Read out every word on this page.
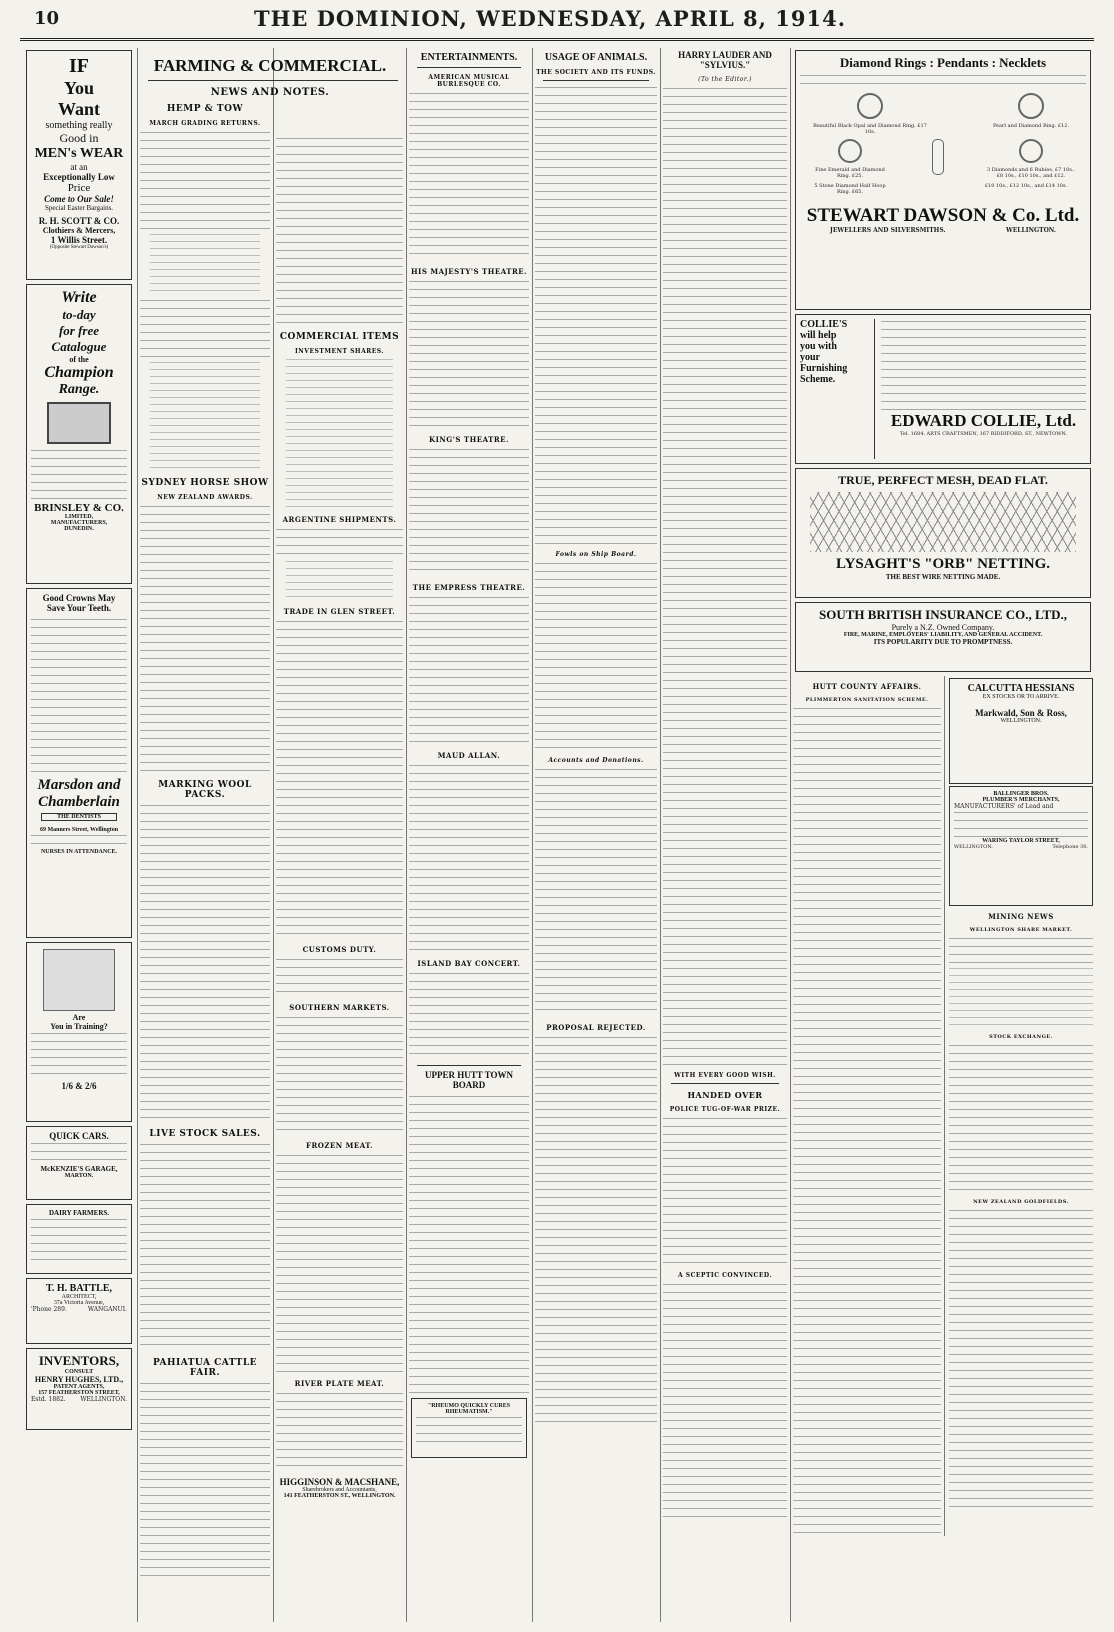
10	THE DOMINION, WEDNESDAY, APRIL 8, 1914.
IF
You
Want
something really
Good in
MEN's WEAR
at an
Exceptionally Low
Price
Come to Our Sale!
Special Easter Bargains.
R. H. SCOTT & CO.
Clothiers & Mercers,
1 Willis Street.
(Opposite Stewart Dawson's)
Write
to-day
for free
Catalogue
of the
Champion
Range.
BRINSLEY & CO.
LIMITED,
MANUFACTURERS,
DUNEDIN.
Good Crowns May
Save Your Teeth.
Marsdon and
Chamberlain
THE DENTISTS
69 Manners Street, Wellington
NURSES IN ATTENDANCE.
Are
You in Training?
1/6 & 2/6
QUICK CARS.
McKENZIE'S GARAGE,
MARTON.
DAIRY FARMERS.
T. H. BATTLE,
ARCHITECT,
37a Victoria Avenue,
'Phone 289.	WANGANUI.
INVENTORS,
CONSULT
HENRY HUGHES, LTD.,
PATENT AGENTS,
157 FEATHERSTON STREET,
Estd. 1882. WELLINGTON.
FARMING & COMMERCIAL.
NEWS AND NOTES.
HEMP & TOW
MARCH GRADING RETURNS.
SYDNEY HORSE SHOW
NEW ZEALAND AWARDS.
MARKING WOOL PACKS.
LIVE STOCK SALES.
PAHIATUA CATTLE FAIR.
COMMERCIAL ITEMS
INVESTMENT SHARES.
ARGENTINE SHIPMENTS.
TRADE IN GLEN STREET.
CUSTOMS DUTY.
SOUTHERN MARKETS.
FROZEN MEAT.
RIVER PLATE MEAT.
HIGGINSON & MACSHANE,
Sharebrokers and Accountants,
141 FEATHERSTON ST., WELLINGTON.
ENTERTAINMENTS.
AMERICAN MUSICAL BURLESQUE CO.
HIS MAJESTY'S THEATRE.
KING'S THEATRE.
THE EMPRESS THEATRE.
MAUD ALLAN.
ISLAND BAY CONCERT.
UPPER HUTT TOWN BOARD
"RHEUMO QUICKLY CURES RHEUMATISM."
USAGE OF ANIMALS.
THE SOCIETY AND ITS FUNDS.
Fowls on Ship Board.
Accounts and Donations.
PROPOSAL REJECTED.
HARRY LAUDER AND "SYLVIUS."
(To the Editor.)
WITH EVERY GOOD WISH.
HANDED OVER
POLICE TUG-OF-WAR PRIZE.
A SCEPTIC CONVINCED.
Diamond Rings : Pendants : Necklets
Beautiful Black Opal and Diamond Ring. £17 10s.
Pearl and Diamond Ring. £12.
Fine Emerald and Diamond Ring. £25.
3 Diamonds and 6 Rubies. £7 10s., £8 10s., £10 10s., and £12.
5 Stone Diamond Half Hoop Ring. £65.
£10 10s., £12 10s., and £14 10s.
STEWART DAWSON & Co. Ltd.
JEWELLERS AND SILVERSMITHS.	WELLINGTON.
COLLIE'S
will help
you with
your
Furnishing
Scheme.
EDWARD COLLIE, Ltd.
Tel. 1684. ARTS CRAFTSMEN, 167 RIDDIFORD, ST., NEWTOWN.
TRUE, PERFECT MESH, DEAD FLAT.
LYSAGHT'S "ORB" NETTING.
THE BEST WIRE NETTING MADE.
SOUTH BRITISH INSURANCE CO., LTD.,
Purely a N.Z. Owned Company.
FIRE, MARINE, EMPLOYERS' LIABILITY, AND GENERAL ACCIDENT.
ITS POPULARITY DUE TO PROMPTNESS.
HUTT COUNTY AFFAIRS.
PLIMMERTON SANITATION SCHEME.
CALCUTTA HESSIANS
EX STOCKS OR TO ARRIVE.
Markwald, Son & Ross,
WELLINGTON.
BALLINGER BROS.
PLUMBER'S MERCHANTS,
MANUFACTURERS' of Lead and
WARING TAYLOR STREET,
WELLINGTON.	Telephone 30.
MINING NEWS
WELLINGTON SHARE MARKET.
STOCK EXCHANGE.
NEW ZEALAND GOLDFIELDS.
